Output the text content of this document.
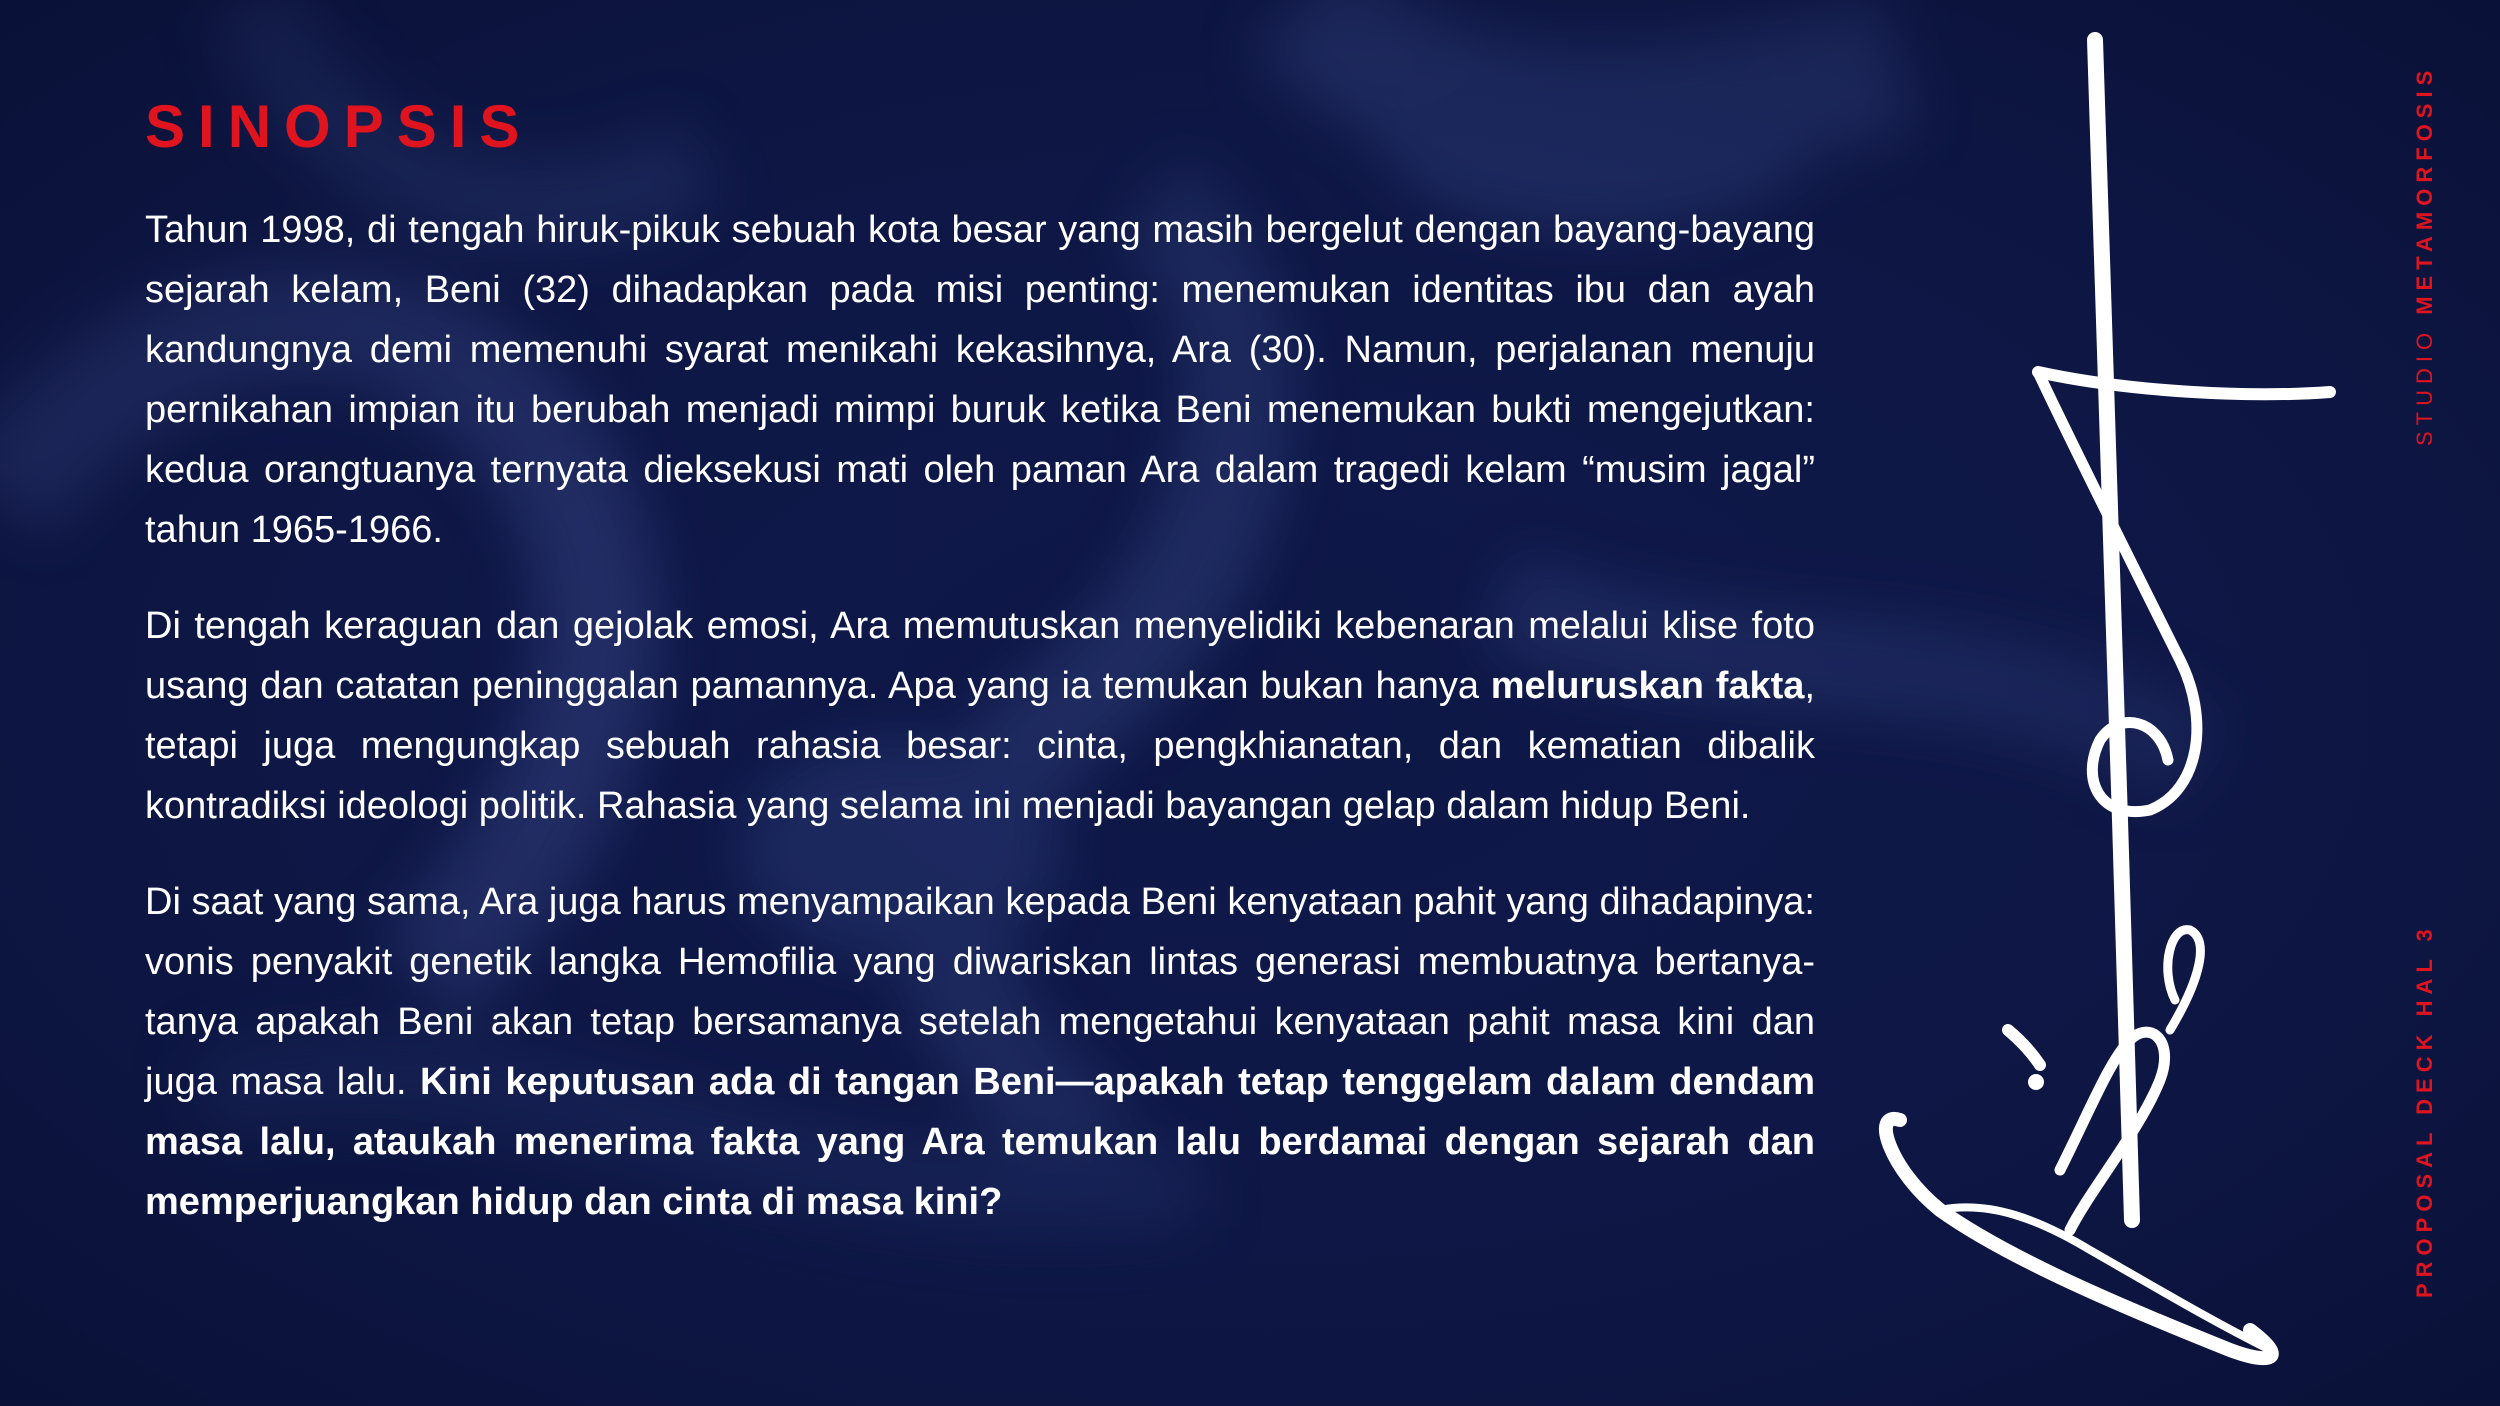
SINOPSIS

Tahun 1998, di tengah hiruk-pikuk sebuah kota besar yang masih bergelut dengan bayang-bayang sejarah kelam, Beni (32) dihadapkan pada misi penting: menemukan identitas ibu dan ayah kandungnya demi memenuhi syarat menikahi kekasihnya, Ara (30). Namun, perjalanan menuju pernikahan impian itu berubah menjadi mimpi buruk ketika Beni menemukan bukti mengejutkan: kedua orangtuanya ternyata dieksekusi mati oleh paman Ara dalam tragedi kelam “musim jagal” tahun 1965-1966.

Di tengah keraguan dan gejolak emosi, Ara memutuskan menyelidiki kebenaran melalui klise foto usang dan catatan peninggalan pamannya. Apa yang ia temukan bukan hanya meluruskan fakta, tetapi juga mengungkap sebuah rahasia besar: cinta, pengkhianatan, dan kematian dibalik kontradiksi ideologi politik. Rahasia yang selama ini menjadi bayangan gelap dalam hidup Beni.

Di saat yang sama, Ara juga harus menyampaikan kepada Beni kenyataan pahit yang dihadapinya: vonis penyakit genetik langka Hemofilia yang diwariskan lintas generasi membuatnya bertanya-tanya apakah Beni akan tetap bersamanya setelah mengetahui kenyataan pahit masa kini dan juga masa lalu. Kini keputusan ada di tangan Beni—apakah tetap tenggelam dalam dendam masa lalu, ataukah menerima fakta yang Ara temukan lalu berdamai dengan sejarah dan memperjuangkan hidup dan cinta di masa kini?

STUDIO METAMORFOSIS
PROPOSAL DECK HAL 3
